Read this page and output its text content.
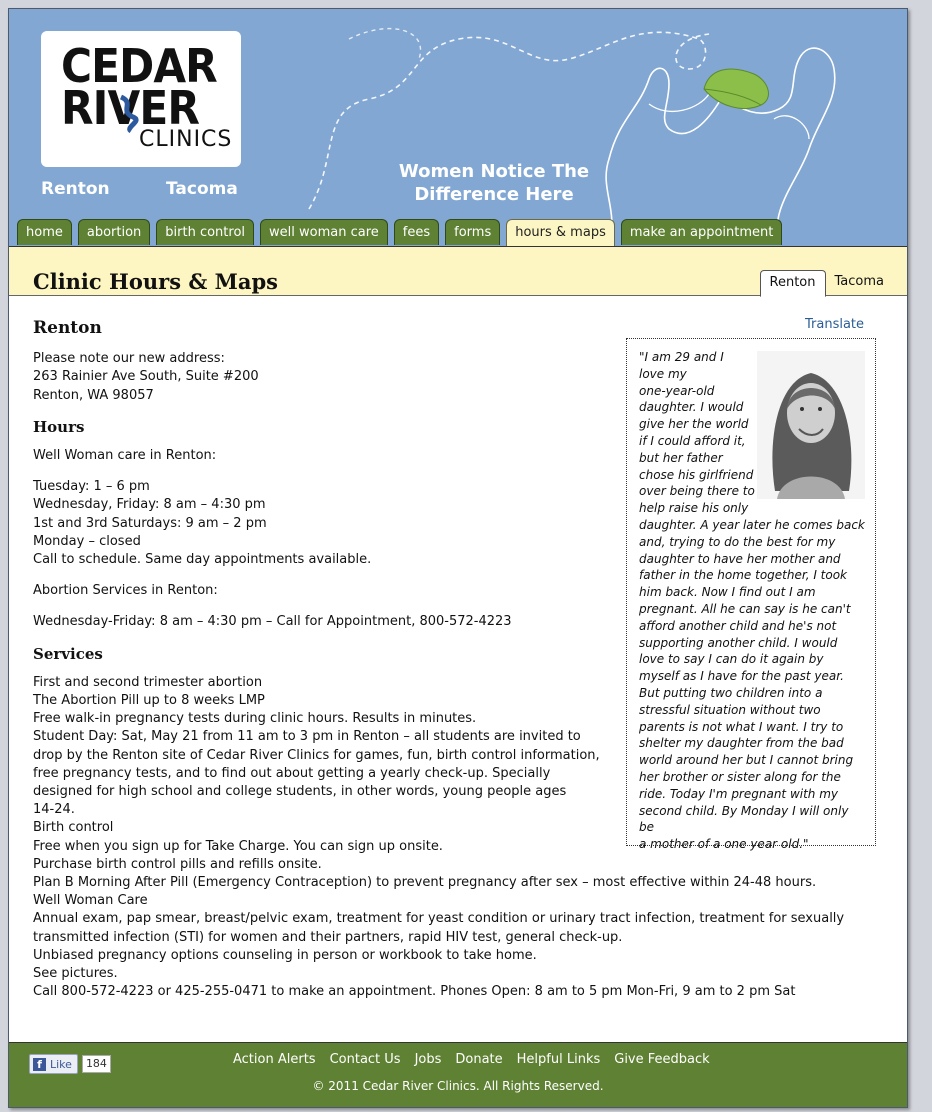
CEDAR
RIVER
CLINICS
Renton	Tacoma
Women Notice The
Difference Here
home	abortion	birth control	well woman care	fees	forms	hours & maps	make an appointment
Clinic Hours & Maps	Renton	Tacoma
Renton

Please note our new address:
263 Rainier Ave South, Suite #200
Renton, WA 98057

Hours

Well Woman care in Renton:

Tuesday: 1 – 6 pm
Wednesday, Friday: 8 am – 4:30 pm
1st and 3rd Saturdays: 9 am – 2 pm
Monday – closed
Call to schedule. Same day appointments available.

Abortion Services in Renton:

Wednesday-Friday: 8 am – 4:30 pm – Call for Appointment, 800-572-4223

Services
First and second trimester abortion
The Abortion Pill up to 8 weeks LMP
Free walk-in pregnancy tests during clinic hours. Results in minutes.
Student Day: Sat, May 21 from 11 am to 3 pm in Renton – all students are invited to
drop by the Renton site of Cedar River Clinics for games, fun, birth control information,
free pregnancy tests, and to find out about getting a yearly check-up. Specially
designed for high school and college students, in other words, young people ages
14-24.
Birth control
Free when you sign up for Take Charge. You can sign up onsite.
Purchase birth control pills and refills onsite.
Plan B Morning After Pill (Emergency Contraception) to prevent pregnancy after sex – most effective within 24-48 hours.
Well Woman Care
Annual exam, pap smear, breast/pelvic exam, treatment for yeast condition or urinary tract infection, treatment for sexually
transmitted infection (STI) for women and their partners, rapid HIV test, general check-up.
Unbiased pregnancy options counseling in person or workbook to take home.
See pictures.
Call 800-572-4223 or 425-255-0471 to make an appointment. Phones Open: 8 am to 5 pm Mon-Fri, 9 am to 2 pm Sat
Translate
"I am 29 and I
love my
one-year-old
daughter. I would
give her the world
if I could afford it,
but her father
chose his girlfriend
over being there to
help raise his only
daughter. A year later he comes back
and, trying to do the best for my
daughter to have her mother and
father in the home together, I took
him back. Now I find out I am
pregnant. All he can say is he can't
afford another child and he's not
supporting another child. I would
love to say I can do it again by
myself as I have for the past year.
But putting two children into a
stressful situation without two
parents is not what I want. I try to
shelter my daughter from the bad
world around her but I cannot bring
her brother or sister along for the
ride. Today I'm pregnant with my
second child. By Monday I will only be
a mother of a one year old."
f Like	184	Action Alerts Contact Us Jobs Donate Helpful Links Give Feedback
© 2011 Cedar River Clinics. All Rights Reserved.
